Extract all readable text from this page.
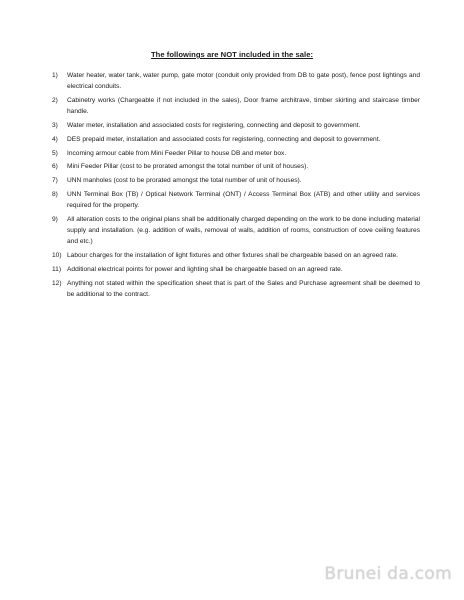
The followings are NOT included in the sale:
1) Water heater, water tank, water pump, gate motor (conduit only provided from DB to gate post), fence post lightings and electrical conduits.
2) Cabinetry works (Chargeable if not included in the sales), Door frame architrave, timber skirting and staircase timber handle.
3) Water meter, installation and associated costs for registering, connecting and deposit to government.
4) DES prepaid meter, installation and associated costs for registering, connecting and deposit to government.
5) Incoming armour cable from Mini Feeder Pillar to house DB and meter box.
6) Mini Feeder Pillar (cost to be prorated amongst the total number of unit of houses).
7) UNN manholes (cost to be prorated amongst the total number of unit of houses).
8) UNN Terminal Box (TB) / Optical Network Terminal (ONT) / Access Terminal Box (ATB) and other utility and services required for the property.
9) All alteration costs to the original plans shall be additionally charged depending on the work to be done including material supply and installation. (e.g. addition of walls, removal of walls, addition of rooms, construction of cove ceiling features and etc.)
10) Labour charges for the installation of light fixtures and other fixtures shall be chargeable based on an agreed rate.
11) Additional electrical points for power and lighting shall be chargeable based on an agreed rate.
12) Anything not stated within the specification sheet that is part of the Sales and Purchase agreement shall be deemed to be additional to the contract.
Brunei da.com
